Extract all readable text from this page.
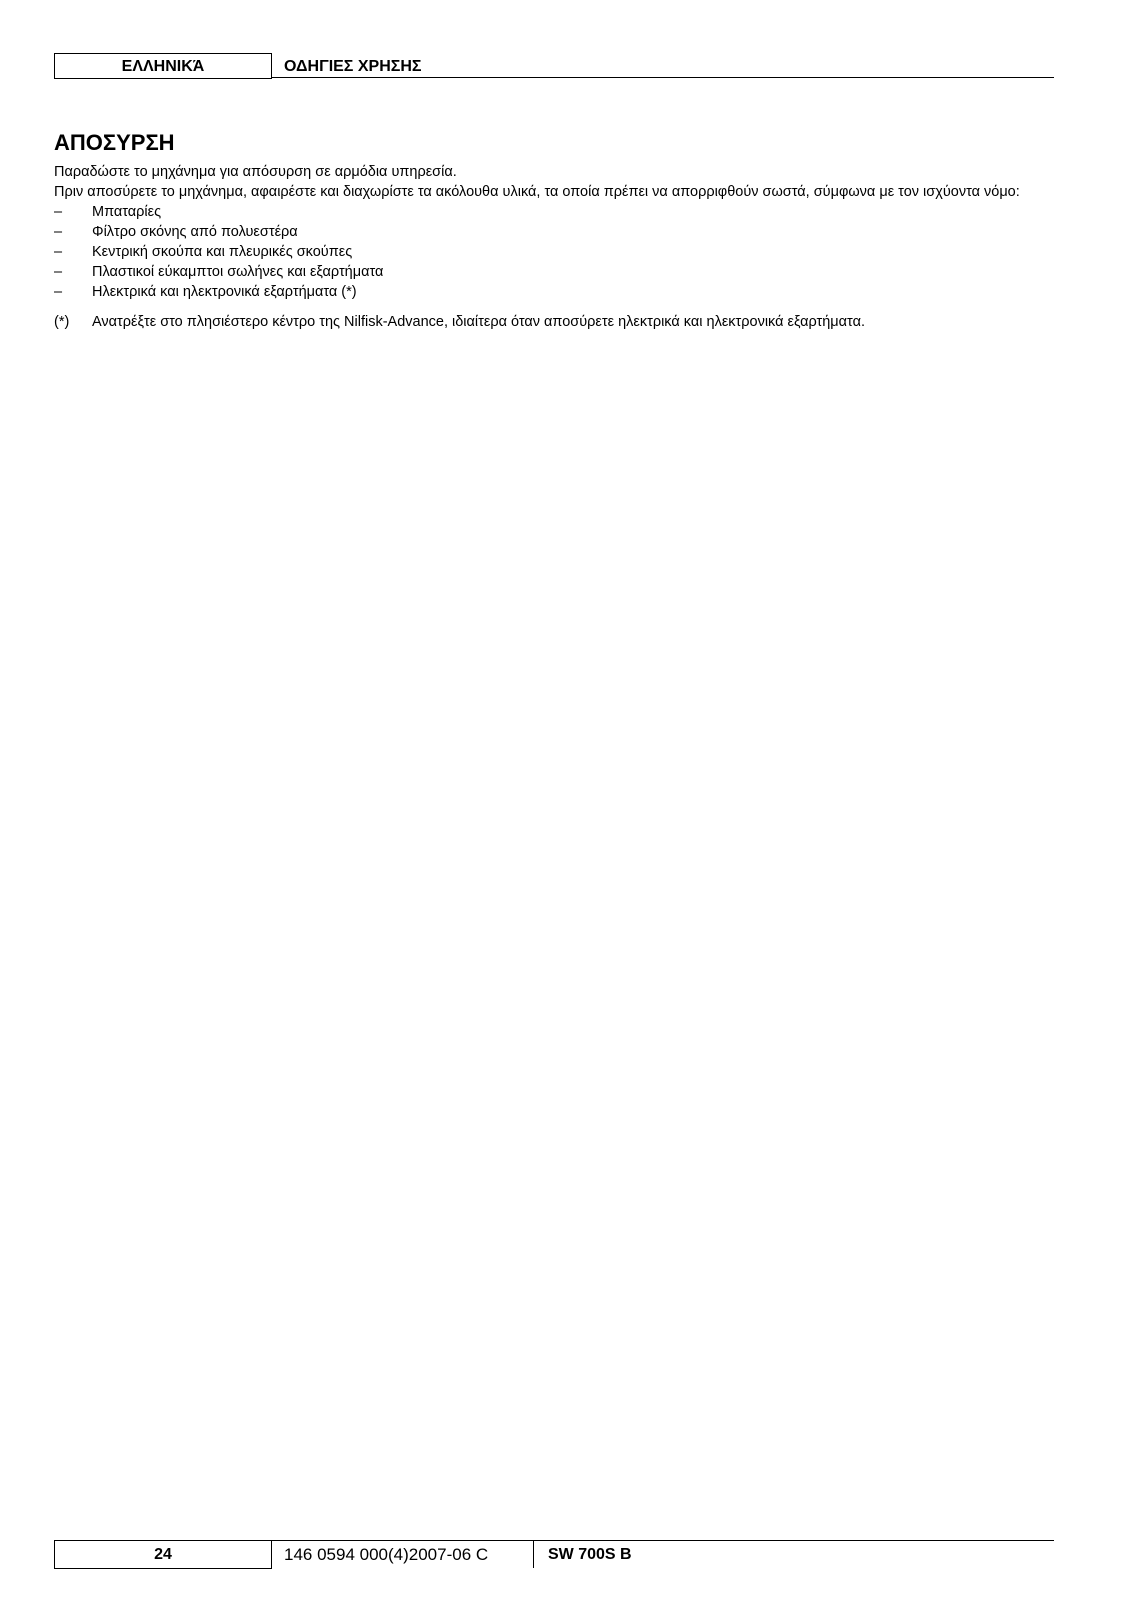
ΕΛΛΗΝΙΚΆ	ΟΔΗΓΙΕΣ ΧΡΗΣΗΣ
ΑΠΟΣΥΡΣΗ

Παραδώστε το μηχάνημα για απόσυρση σε αρμόδια υπηρεσία.

Πριν αποσύρετε το μηχάνημα, αφαιρέστε και διαχωρίστε τα ακόλουθα υλικά, τα οποία πρέπει να απορριφθούν σωστά, σύμφωνα με τον ισχύοντα νόμο:

–	Μπαταρίες
–	Φίλτρο σκόνης από πολυεστέρα
–	Κεντρική σκούπα και πλευρικές σκούπες
–	Πλαστικοί εύκαμπτοι σωλήνες και εξαρτήματα
–	Ηλεκτρικά και ηλεκτρονικά εξαρτήματα (*)
(*)	Ανατρέξτε στο πλησιέστερο κέντρο της Nilfisk-Advance, ιδιαίτερα όταν αποσύρετε ηλεκτρικά και ηλεκτρονικά εξαρτήματα.
24	146 0594 000(4)2007-06 C	SW 700S B
